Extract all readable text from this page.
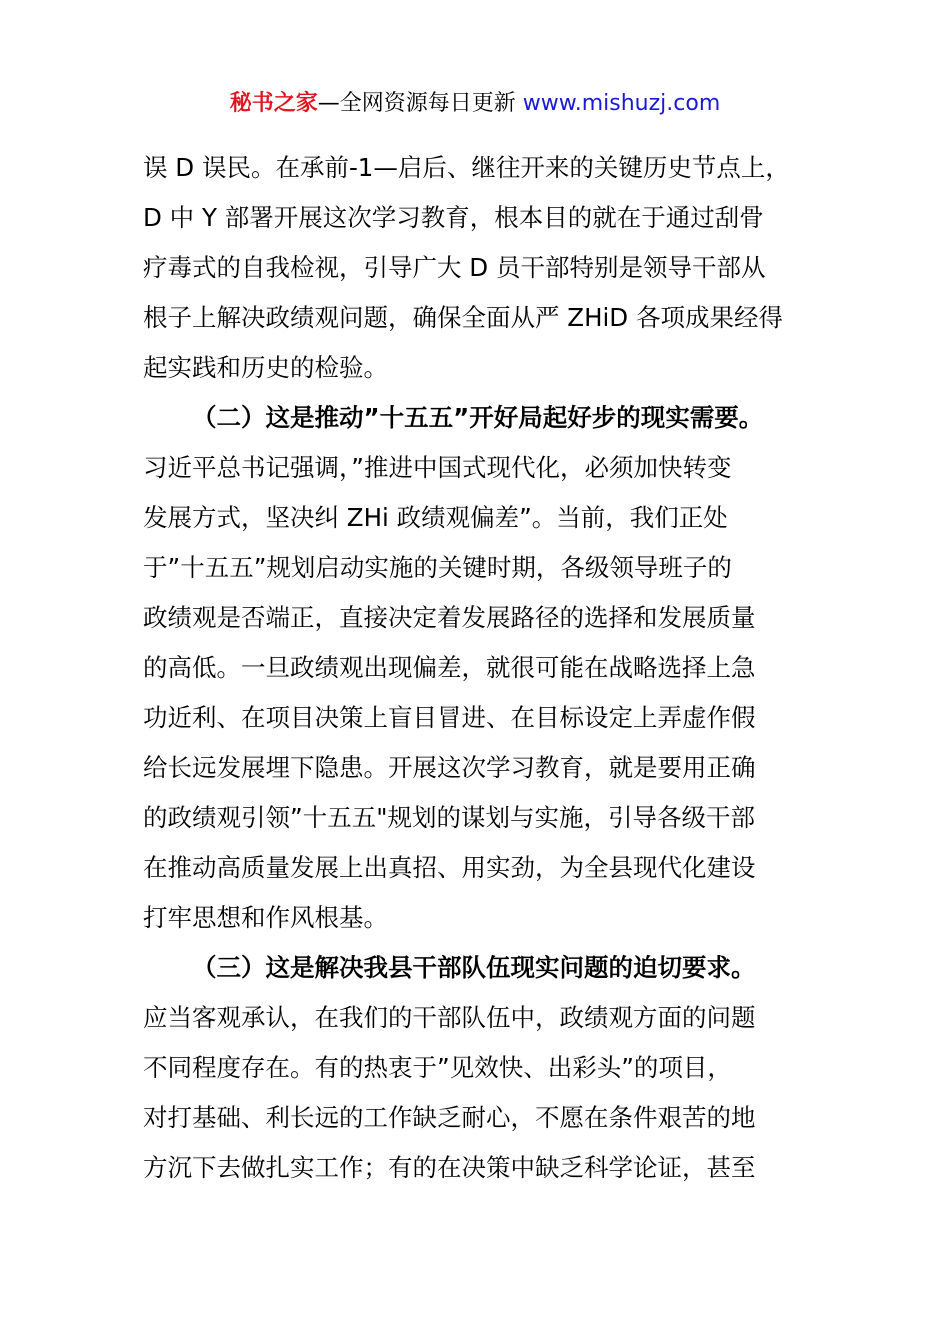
秘书之家—全网资源每日更新 www.mishuzj.com
误 D 误民。在承前-1—启后、继往开来的关键历史节点上，
D 中 Y 部署开展这次学习教育，根本目的就在于通过刮骨
疗毒式的自我检视，引导广大 D 员干部特别是领导干部从
根子上解决政绩观问题，确保全面从严 ZHiD 各项成果经得
起实践和历史的检验。
（二）这是推动”十五五”开好局起好步的现实需要。
习近平总书记强调，”推进中国式现代化，必须加快转变
发展方式，坚决纠 ZHi 政绩观偏差”。当前，我们正处
于”十五五”规划启动实施的关键时期，各级领导班子的
政绩观是否端正，直接决定着发展路径的选择和发展质量
的高低。一旦政绩观出现偏差，就很可能在战略选择上急
功近利、在项目决策上盲目冒进、在目标设定上弄虚作假
给长远发展埋下隐患。开展这次学习教育，就是要用正确
的政绩观引领”十五五"规划的谋划与实施，引导各级干部
在推动高质量发展上出真招、用实劲，为全县现代化建设
打牢思想和作风根基。
（三）这是解决我县干部队伍现实问题的迫切要求。
应当客观承认，在我们的干部队伍中，政绩观方面的问题
不同程度存在。有的热衷于”见效快、出彩头”的项目，
对打基础、利长远的工作缺乏耐心，不愿在条件艰苦的地
方沉下去做扎实工作；有的在决策中缺乏科学论证，甚至
